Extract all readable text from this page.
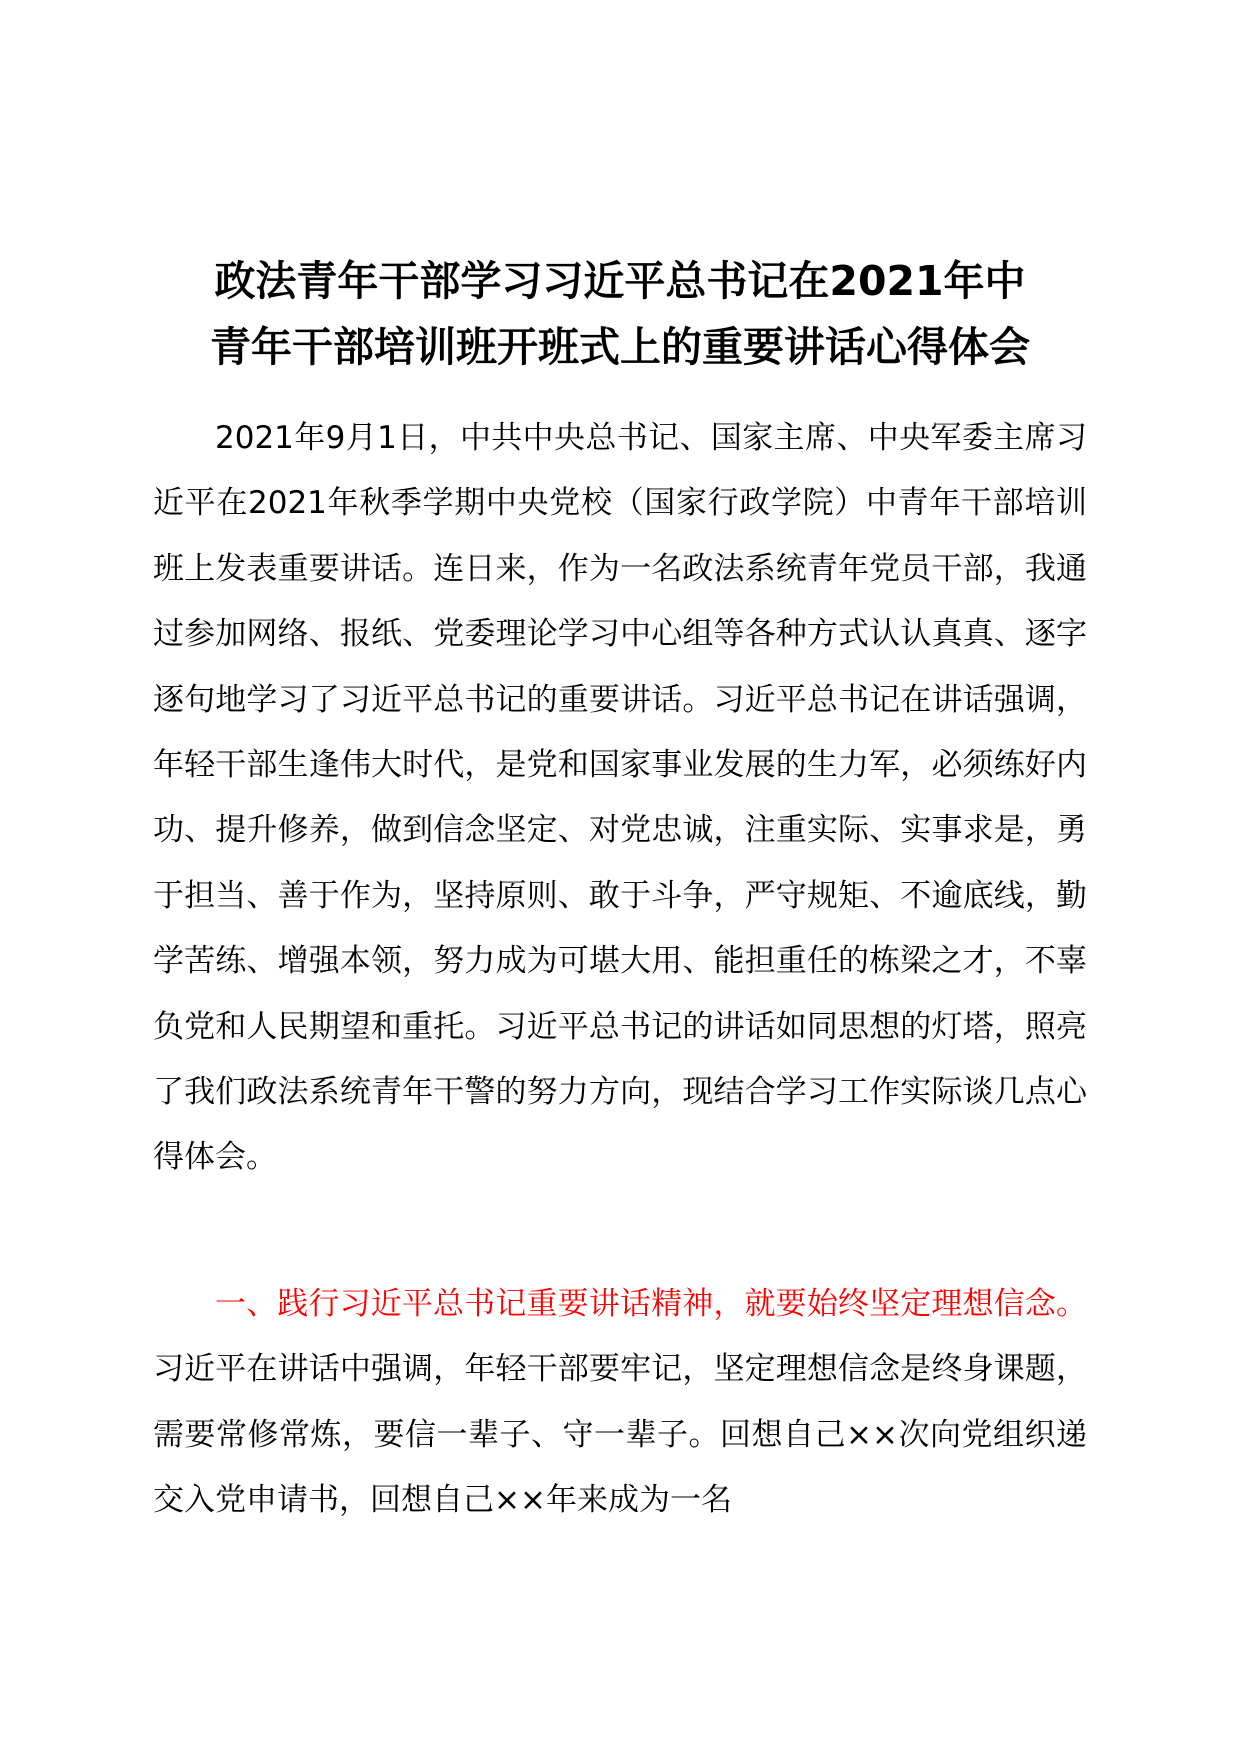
政法青年干部学习习近平总书记在2021年中
青年干部培训班开班式上的重要讲话心得体会

2021年9月1日，中共中央总书记、国家主席、中央军委主席习近平在2021年秋季学期中央党校（国家行政学院）中青年干部培训班上发表重要讲话。连日来，作为一名政法系统青年党员干部，我通过参加网络、报纸、党委理论学习中心组等各种方式认认真真、逐字逐句地学习了习近平总书记的重要讲话。习近平总书记在讲话强调，年轻干部生逢伟大时代，是党和国家事业发展的生力军，必须练好内功、提升修养，做到信念坚定、对党忠诚，注重实际、实事求是，勇于担当、善于作为，坚持原则、敢于斗争，严守规矩、不逾底线，勤学苦练、增强本领，努力成为可堪大用、能担重任的栋梁之才，不辜负党和人民期望和重托。习近平总书记的讲话如同思想的灯塔，照亮了我们政法系统青年干警的努力方向，现结合学习工作实际谈几点心得体会。

一、践行习近平总书记重要讲话精神，就要始终坚定理想信念。习近平在讲话中强调，年轻干部要牢记，坚定理想信念是终身课题，需要常修常炼，要信一辈子、守一辈子。回想自己××次向党组织递交入党申请书，回想自己××年来成为一名
